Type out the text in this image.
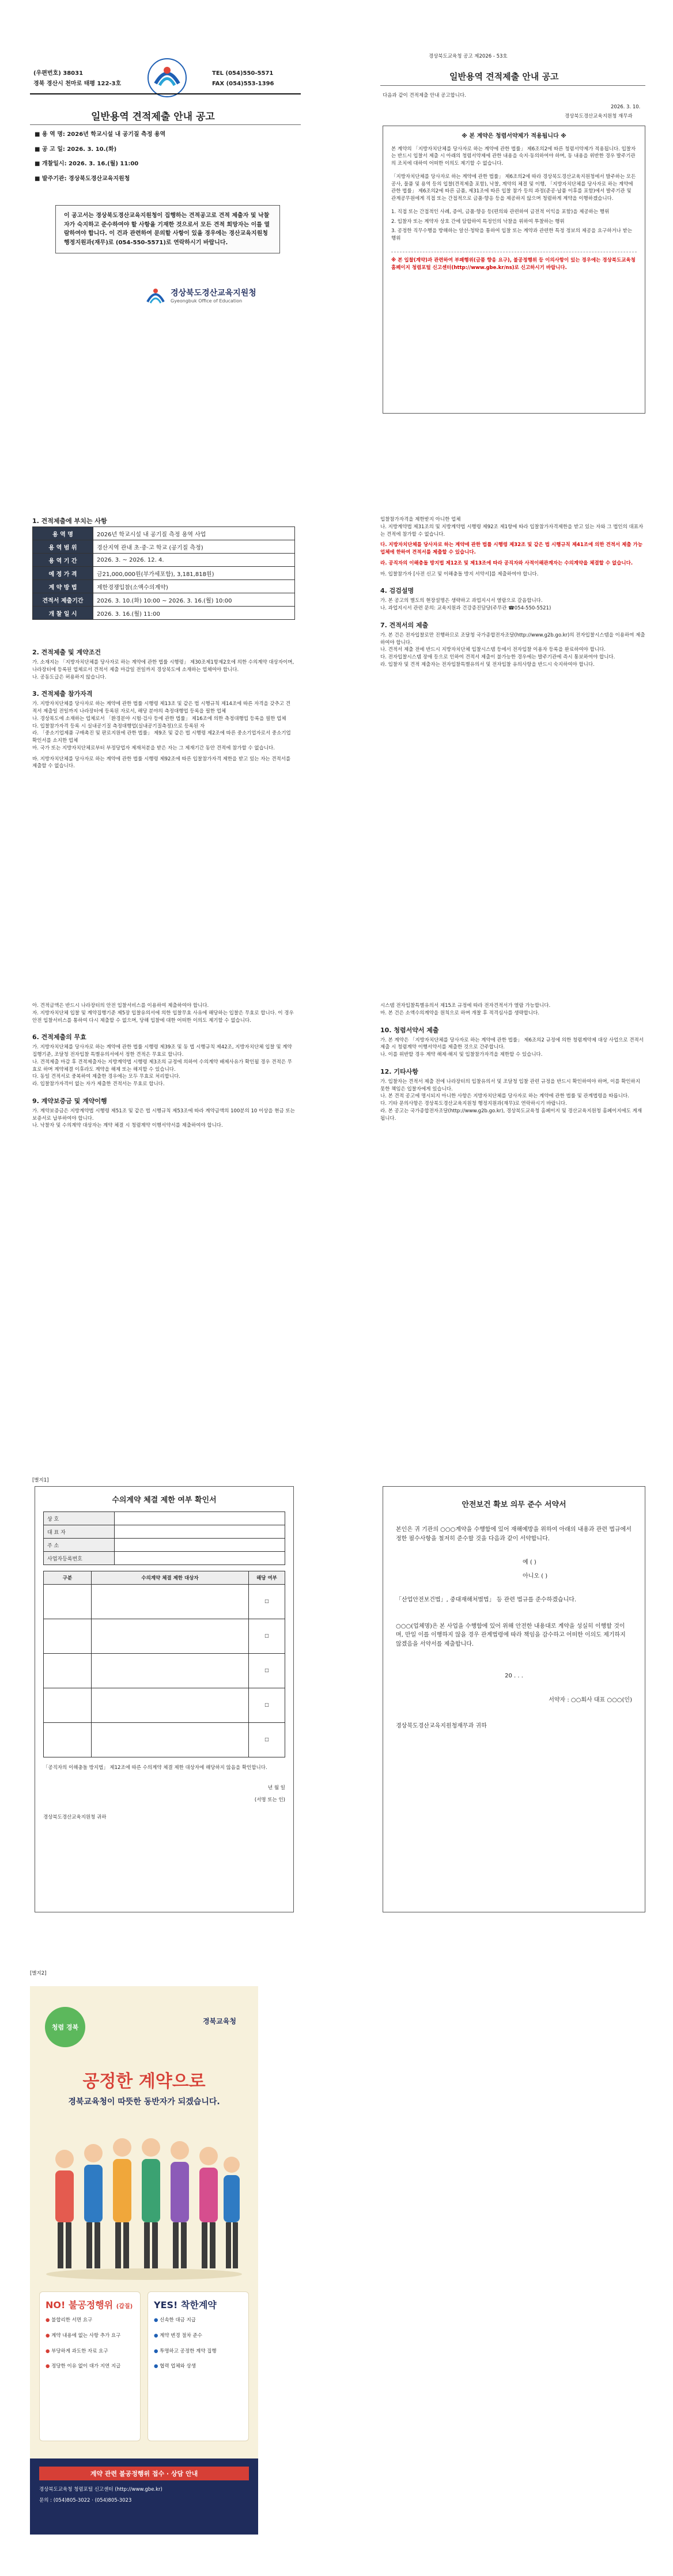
(우편번호) 38031
경북 경산시 천마로 태평 122-3호
TEL (054)550-5571
FAX (054)553-1396
일반용역 견적제출 안내 공고
■ 용 역 명: 2026년 학교시설 내 공기질 측정 용역
■ 공 고 일: 2026. 3. 10.(화)
■ 개찰일시: 2026. 3. 16.(월) 11:00
■ 발주기관: 경상북도경산교육지원청
이 공고서는 경상북도경산교육지원청이 집행하는 견적공고로 견적 제출자 및 낙찰자가 숙지하고 준수하여야 할 사항을 기재한 것으로서 모든 견적 희망자는 이를 열람하여야 합니다. 이 건과 관련하여 문의할 사항이 있을 경우에는 경산교육지원청 행정지원과(재무)로 (054-550-5571)로 연락하시기 바랍니다.
경상북도경산교육지원청
Gyeongbuk Office of Education
경상북도교육청 공고 제2026 - 53호
일반용역 견적제출 안내 공고
다음과 같이 견적제출 안내 공고합니다.
2026. 3. 10.
경상북도경산교육지원청 재무과
※ 본 계약은 청렴서약제가 적용됩니다 ※
본 계약의 「지방자치단체를 당사자로 하는 계약에 관한 법률」 제6조의2에 따른 청렴서약제가 적용됩니다. 입찰자는 반드시 입찰서 제출 시 아래의 청렴서약제에 관한 내용을 숙지·동의하여야 하며, 동 내용을 위반한 경우 발주기관의 조치에 대하여 어떠한 이의도 제기할 수 없습니다.
「지방자치단체를 당사자로 하는 계약에 관한 법률」 제6조의2에 따라 경상북도경산교육지원청에서 발주하는 모든 공사, 물품 및 용역 등의 입찰(견적제출 포함), 낙찰, 계약의 체결 및 이행, 「지방자치단체를 당사자로 하는 계약에 관한 법률」 제6조의2에 따른 금품, 제31조에 따른 입찰 참가 등의 과정(준공·납품 이후를 포함)에서 발주기관 및 관계공무원에게 직접 또는 간접적으로 금품·향응 등을 제공하지 않으며 청렴하게 계약을 이행하겠습니다.
1. 직접 또는 간접적인 사례, 증여, 금품·향응 등(편의와 관련하여 금전적 이익을 포함)을 제공하는 행위
2. 입찰자 또는 계약자 상호 간에 담합하여 특정인의 낙찰을 위하여 투찰하는 행위
3. 공정한 직무수행을 방해하는 알선·청탁을 통하여 입찰 또는 계약과 관련한 특정 정보의 제공을 요구하거나 받는 행위
※ 본 입찰(계약)과 관련하여 부패행위(금품 향응 요구), 불공정행위 등 이의사항이 있는 경우에는 경상북도교육청 홈페이지 청렴포털 신고센터(http://www.gbe.kr/ns)로 신고하시기 바랍니다.
1. 견적제출에 부치는 사항
용 역 명	2026년 학교시설 내 공기질 측정 용역 사업
용 역 범 위	경산지역 관내 초·중·고 학교 (공기질 측정)
용 역 기 간	2026. 3. ~ 2026. 12. 4.
예 정 가 격	금21,000,000원(부가세포함), 3,181,818원)
계 약 방 법	제한경쟁입찰(소액수의계약)
견적서 제출기간	2026. 3. 10.(화) 10:00 ~ 2026. 3. 16.(월) 10:00
개 찰 일 시	2026. 3. 16.(월) 11:00
2. 견적제출 및 계약조건
가. 소재지는 「지방자치단체를 당사자로 하는 계약에 관한 법률 시행령」 제30조제1항제2호에 의한 수의계약 대상자이며, 나라장터에 등록된 업체로서 견적서 제출 마감일 전일까지 경상북도에 소재하는 업체여야 합니다.
나. 공동도급은 허용하지 않습니다.
3. 견적제출 참가자격
가. 지방자치단체를 당사자로 하는 계약에 관한 법률 시행령 제13조 및 같은 법 시행규칙 제14조에 따른 자격을 갖추고 견적서 제출일 전일까지 나라장터에 등록된 자로서, 해당 분야의 측정대행업 등록을 필한 업체
나. 경상북도에 소재하는 업체로서 「환경분야 시험·검사 등에 관한 법률」 제16조에 의한 측정대행업 등록을 필한 업체
다. 입찰참가자격 등록 시 실내공기질 측정대행업(실내공기질측정)으로 등록된 자
라. 「중소기업제품 구매촉진 및 판로지원에 관한 법률」 제9조 및 같은 법 시행령 제2조에 따른 중소기업자로서 중소기업확인서를 소지한 업체
마. 국가 또는 지방자치단체로부터 부정당업자 제재처분을 받은 자는 그 제재기간 동안 견적에 참가할 수 없습니다.
바. 지방자치단체를 당사자로 하는 계약에 관한 법률 시행령 제92조에 따른 입찰참가자격 제한을 받고 있는 자는 견적서를 제출할 수 없습니다.
입찰참가자격을 제한받지 아니한 업체
나. 지방계약법 제31조의 및 지방계약법 시행령 제92조 제1항에 따라 입찰참가자격제한을 받고 있는 자와 그 법인의 대표자는 견적에 참가할 수 없습니다.
다. 지방자치단체를 당사자로 하는 계약에 관한 법률 시행령 제32조 및 같은 법 시행규칙 제41조에 의한 견적서 제출 가능 업체에 한하여 견적서를 제출할 수 있습니다.
라. 공직자의 이해충돌 방지법 제12조 및 제13조에 따라 공직자와 사적이해관계자는 수의계약을 체결할 수 없습니다.
마. 입찰참가자 [사전 신고 및 이해충돌 방지 서약서]를 제출하여야 합니다.
4. 검검설명
가. 본 공고의 별도의 현장설명은 생략하고 과업지시서 열람으로 갈음합니다.
나. 과업지시서 관련 문의: 교육지원과 건강증진담당(주무관 ☎054-550-5521)
7. 견적서의 제출
가. 본 건은 전자입찰로만 진행하므로 조달청 국가종합전자조달(http://www.g2b.go.kr)의 전자입찰시스템을 이용하여 제출하여야 합니다.
나. 견적서 제출 전에 반드시 지방자치단체 입찰시스템 등에서 전자입찰 이용자 등록을 완료하여야 합니다.
다. 전자입찰시스템 장애 등으로 인하여 견적서 제출이 불가능한 경우에는 발주기관에 즉시 통보하여야 합니다.
라. 입찰자 및 견적 제출자는 전자입찰특별유의서 및 전자입찰 유의사항을 반드시 숙지하여야 합니다.
아. 견적금액은 반드시 나라장터의 안전 입찰서비스를 이용하여 제출하여야 합니다.
자. 지방자치단체 입찰 및 계약집행기준 제5장 입찰유의서에 의한 입찰무효 사유에 해당하는 입찰은 무효로 합니다. 이 경우 안전 입찰서비스를 통하여 다시 제출할 수 없으며, 당해 입찰에 대한 어떠한 이의도 제기할 수 없습니다.
6. 견적제출의 무효
가. 지방자치단체를 당사자로 하는 계약에 관한 법률 시행령 제39조 및 동 법 시행규칙 제42조, 지방자치단체 입찰 및 계약 집행기준, 조달청 전자입찰 특별유의서에서 정한 견적은 무효로 합니다.
나. 견적제출 마감 후 견적제출자는 지방계약법 시행령 제3조의 규정에 의하여 수의계약 배제사유가 확인될 경우 견적은 무효로 하며 계약체결 이후라도 계약을 해제 또는 해지할 수 있습니다.
다. 동일 견적서로 중복하여 제출한 경우에는 모두 무효로 처리합니다.
라. 입찰참가자격이 없는 자가 제출한 견적서는 무효로 합니다.
9. 계약보증금 및 계약이행
가. 계약보증금은 지방계약법 시행령 제51조 및 같은 법 시행규칙 제53조에 따라 계약금액의 100분의 10 이상을 현금 또는 보증서로 납부하여야 합니다.
나. 낙찰자 및 수의계약 대상자는 계약 체결 시 청렴계약 이행서약서를 제출하여야 합니다.
시스템 전자입찰특별유의서 제15조 규정에 따라 전자견적서가 열람 가능합니다.
마. 본 건은 소액수의계약을 원칙으로 하며 개찰 후 적격심사를 생략합니다.
10. 청렴서약서 제출
가. 본 계약은 「지방자치단체를 당사자로 하는 계약에 관한 법률」 제6조의2 규정에 의한 청렴계약제 대상 사업으로 견적서 제출 시 청렴계약 이행서약서를 제출한 것으로 간주합니다.
나. 이를 위반할 경우 계약 해제·해지 및 입찰참가자격을 제한할 수 있습니다.
12. 기타사항
가. 입찰자는 견적서 제출 전에 나라장터의 입찰유의서 및 조달청 입찰 관련 규정을 반드시 확인하여야 하며, 이를 확인하지 못한 책임은 입찰자에게 있습니다.
나. 본 견적 공고에 명시되지 아니한 사항은 지방자치단체를 당사자로 하는 계약에 관한 법률 및 관계법령을 따릅니다.
다. 기타 문의사항은 경상북도경산교육지원청 행정지원과(재무)로 연락하시기 바랍니다.
라. 본 공고는 국가종합전자조달(http://www.g2b.go.kr), 경상북도교육청 홈페이지 및 경산교육지원청 홈페이지에도 게재됩니다.
[별지1]
수의계약 체결 제한 여부 확인서
상 호	
대 표 자	
주 소	
사업자등록번호	
구분	수의계약 체결 제한 대상자	해당 여부
		☐
		☐
		☐
		☐
		☐
「공직자의 이해충돌 방지법」 제12조에 따른 수의계약 체결 제한 대상자에 해당하지 않음을 확인합니다.
년 월 일
(서명 또는 인)
경상북도경산교육지원청 귀하
안전보건 확보 의무 준수 서약서
본인은 귀 기관의 ○○○계약을 수행함에 있어 재해예방을 위하여 아래의 내용과 관련 법규에서 정한 필수사항을 철저히 준수할 것을 다음과 같이 서약합니다.
예 ( )
아니오 ( )
「산업안전보건법」, 중대재해처벌법」 등 관련 법규를 준수하겠습니다.
○○○(업체명)은 본 사업을 수행함에 있어 위해 안전한 내용대로 계약을 성실히 이행할 것이며, 만일 이를 이행하지 않을 경우 관계법령에 따라 책임을 감수하고 어떠한 이의도 제기하지 않겠음을 서약서를 제출합니다.
20 . . .
서약자 : ○○회사 대표 ○○○(인)
경상북도경산교육지원청재무과 귀하
[별지2]
청렴 경북
경북교육청
공정한 계약으로
경북교육청이 따뜻한 동반자가 되겠습니다.
NO! 불공정행위 (갑질)
● 불합리한 서면 요구
● 계약 내용에 없는 사항 추가 요구
● 부당하게 과도한 자료 요구
● 정당한 이유 없이 대가 지연 지급
YES! 착한계약
● 신속한 대금 지급
● 계약 변경 절차 준수
● 투명하고 공정한 계약 집행
● 협력 업체와 상생
계약 관련 불공정행위 접수 · 상담 안내
경상북도교육청 청렴포털 신고센터 (http://www.gbe.kr)
문의 : (054)805-3022 · (054)805-3023
